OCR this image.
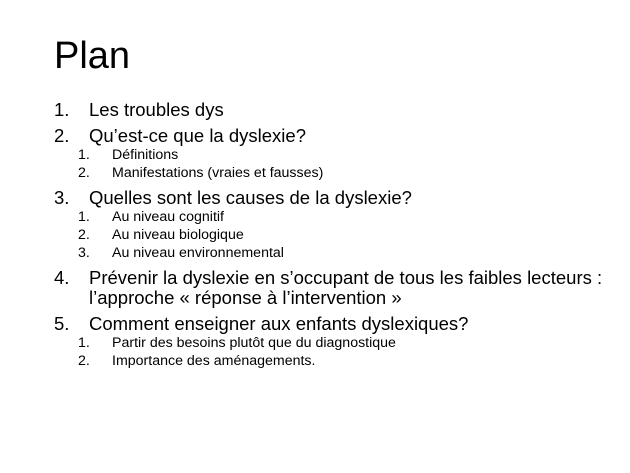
Plan
1.	Les troubles dys
2.	Qu’est-ce que la dyslexie?
1.	Définitions
2.	Manifestations (vraies et fausses)
3.	Quelles sont les causes de la dyslexie?
1.	Au niveau cognitif
2.	Au niveau biologique
3.	Au niveau environnemental
4.	Prévenir la dyslexie en s’occupant de tous les faibles lecteurs : l’approche « réponse à l’intervention »
5.	Comment enseigner aux enfants dyslexiques?
1.	Partir des besoins plutôt que du diagnostique
2.	Importance des aménagements.
